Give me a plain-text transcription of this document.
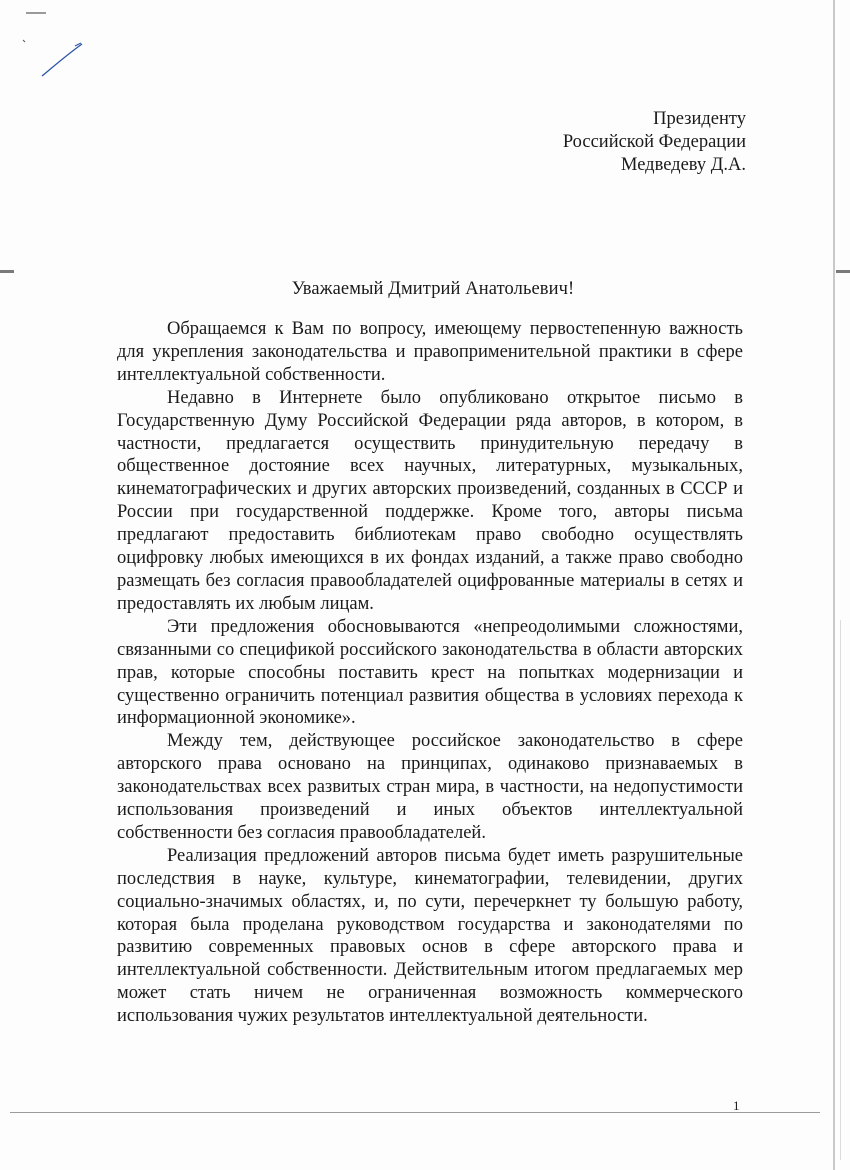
Президенту
Российской Федерации
Медведеву Д.А.
Уважаемый Дмитрий Анатольевич!

Обращаемся к Вам по вопросу, имеющему первостепенную важность для укрепления законодательства и правоприменительной практики в сфере интеллектуальной собственности.

Недавно в Интернете было опубликовано открытое письмо в Государственную Думу Российской Федерации ряда авторов, в котором, в частности, предлагается осуществить принудительную передачу в общественное достояние всех научных, литературных, музыкальных, кинематографических и других авторских произведений, созданных в СССР и России при государственной поддержке. Кроме того, авторы письма предлагают предоставить библиотекам право свободно осуществлять оцифровку любых имеющихся в их фондах изданий, а также право свободно размещать без согласия правообладателей оцифрованные материалы в сетях и предоставлять их любым лицам.

Эти предложения обосновываются «непреодолимыми сложностями, связанными со спецификой российского законодательства в области авторских прав, которые способны поставить крест на попытках модернизации и существенно ограничить потенциал развития общества в условиях перехода к информационной экономике».

Между тем, действующее российское законодательство в сфере авторского права основано на принципах, одинаково признаваемых в законодательствах всех развитых стран мира, в частности, на недопустимости использования произведений и иных объектов интеллектуальной собственности без согласия правообладателей.

Реализация предложений авторов письма будет иметь разрушительные последствия в науке, культуре, кинематографии, телевидении, других социально-значимых областях, и, по сути, перечеркнет ту большую работу, которая была проделана руководством государства и законодателями по развитию современных правовых основ в сфере авторского права и интеллектуальной собственности. Действительным итогом предлагаемых мер может стать ничем не ограниченная возможность коммерческого использования чужих результатов интеллектуальной деятельности.

1
